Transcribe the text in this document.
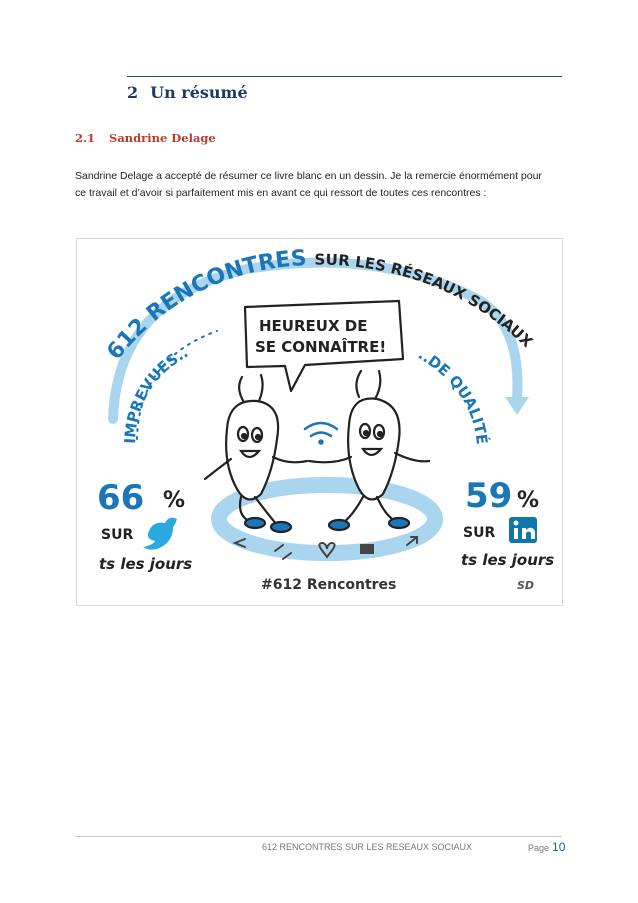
2 Un résumé
2.1 Sandrine Delage
Sandrine Delage a accepté de résumer ce livre blanc en un dessin. Je la remercie énormément pour
ce travail et d’avoir si parfaitement mis en avant ce qui ressort de toutes ces rencontres :
612 RENCONTRES SUR LES RÉSEAUX SOCIAUX
IMPREVUES..	..DE QUALITÉ
HEUREUX DE
SE CONNAÎTRE!
66 %
SUR
ts les jours
59 %
SUR
ts les jours
#612 Rencontres	SD
612 RENCONTRES SUR LES RESEAUX SOCIAUX	Page 10
